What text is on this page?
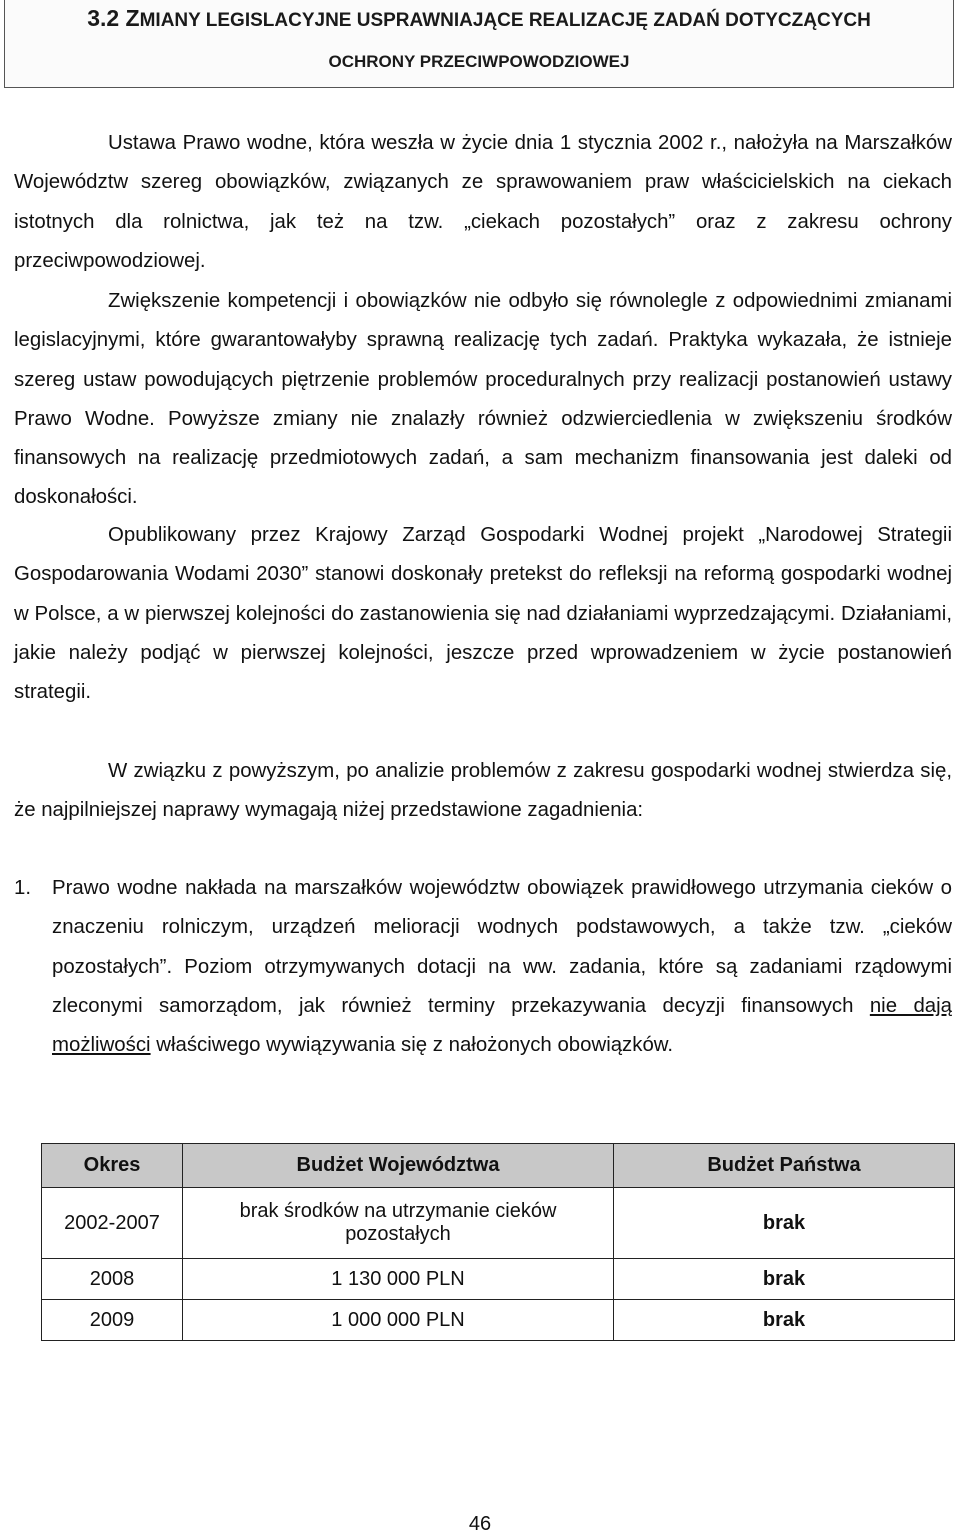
3.2 ZMIANY LEGISLACYJNE USPRAWNIAJĄCE REALIZACJĘ ZADAŃ DOTYCZĄCYCH
OCHRONY PRZECIWPOWODZIOWEJ

Ustawa Prawo wodne, która weszła w życie dnia 1 stycznia 2002 r., nałożyła na Marszałków Województw szereg obowiązków, związanych ze sprawowaniem praw właścicielskich na ciekach istotnych dla rolnictwa, jak też na tzw. „ciekach pozostałych” oraz z zakresu ochrony przeciwpowodziowej.

Zwiększenie kompetencji i obowiązków nie odbyło się równolegle z odpowiednimi zmianami legislacyjnymi, które gwarantowałyby sprawną realizację tych zadań. Praktyka wykazała, że istnieje szereg ustaw powodujących piętrzenie problemów proceduralnych przy realizacji postanowień ustawy Prawo Wodne. Powyższe zmiany nie znalazły również odzwierciedlenia w zwiększeniu środków finansowych na realizację przedmiotowych zadań, a sam mechanizm finansowania jest daleki od doskonałości.

Opublikowany przez Krajowy Zarząd Gospodarki Wodnej projekt „Narodowej Strategii Gospodarowania Wodami 2030” stanowi doskonały pretekst do refleksji na reformą gospodarki wodnej w Polsce, a w pierwszej kolejności do zastanowienia się nad działaniami wyprzedzającymi. Działaniami, jakie należy podjąć w pierwszej kolejności, jeszcze przed wprowadzeniem w życie postanowień strategii.

W związku z powyższym, po analizie problemów z zakresu gospodarki wodnej stwierdza się, że najpilniejszej naprawy wymagają niżej przedstawione zagadnienia:

1. Prawo wodne nakłada na marszałków województw obowiązek prawidłowego utrzymania cieków o znaczeniu rolniczym, urządzeń melioracji wodnych podstawowych, a także tzw. „cieków pozostałych”. Poziom otrzymywanych dotacji na ww. zadania, które są zadaniami rządowymi zleconymi samorządom, jak również terminy przekazywania decyzji finansowych nie dają możliwości właściwego wywiązywania się z nałożonych obowiązków.

Okres	Budżet Województwa	Budżet Państwa
2002-2007	brak środków na utrzymanie cieków pozostałych	brak
2008	1 130 000 PLN	brak
2009	1 000 000 PLN	brak
46
